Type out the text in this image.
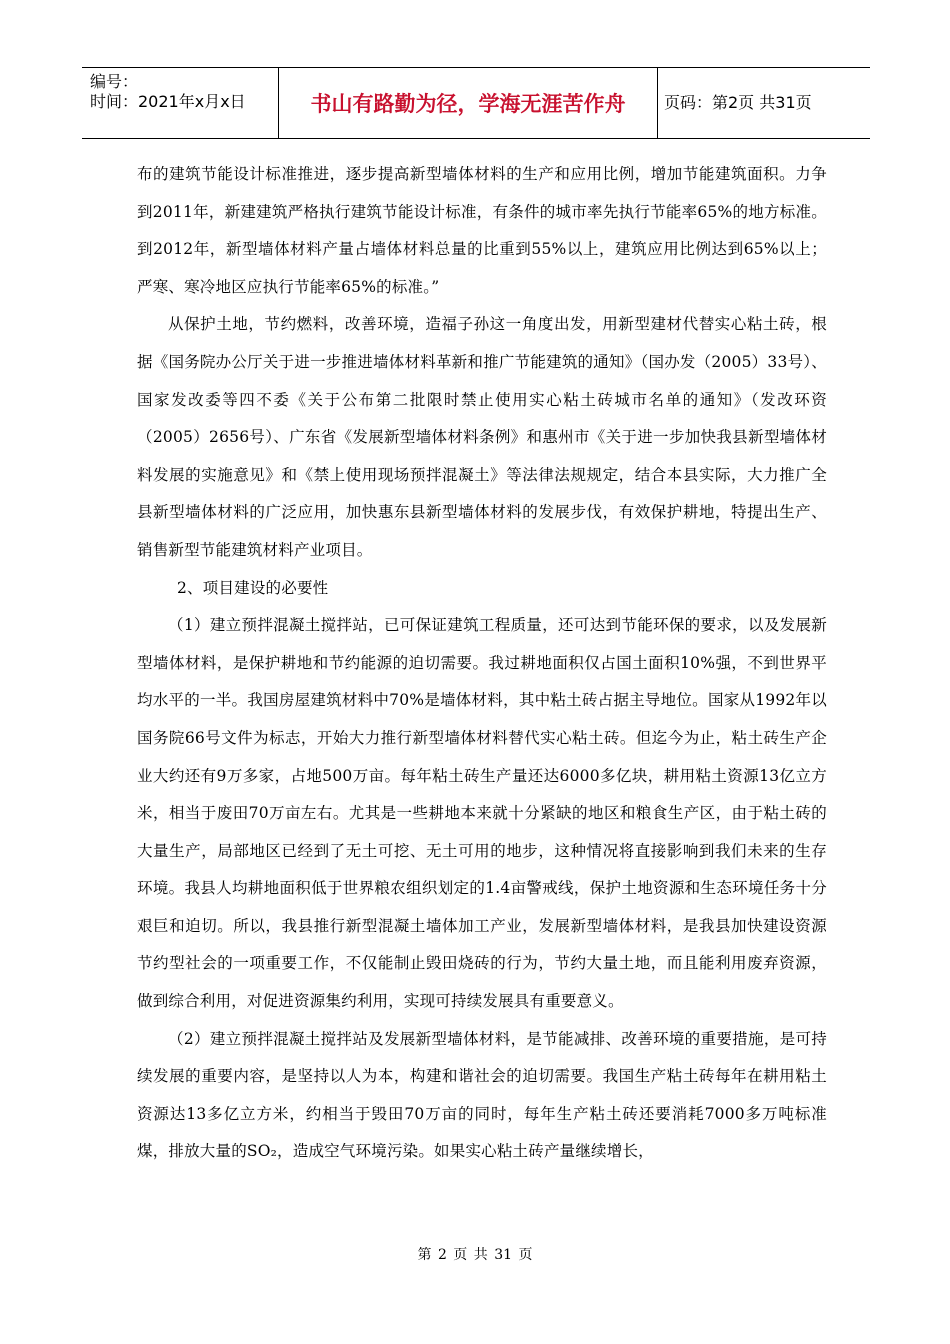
编号：
时间：2021年x月x日	书山有路勤为径，学海无涯苦作舟	页码：第2页 共31页

布的建筑节能设计标准推进，逐步提高新型墙体材料的生产和应用比例，增加节能建筑面积。力争到2011年，新建建筑严格执行建筑节能设计标准，有条件的城市率先执行节能率65%的地方标准。到2012年，新型墙体材料产量占墙体材料总量的比重到55%以上，建筑应用比例达到65%以上；严寒、寒冷地区应执行节能率65%的标准。”

从保护土地，节约燃料，改善环境，造福子孙这一角度出发，用新型建材代替实心粘土砖，根据《国务院办公厅关于进一步推进墙体材料革新和推广节能建筑的通知》（国办发（2005）33号）、国家发改委等四不委《关于公布第二批限时禁止使用实心粘土砖城市名单的通知》（发改环资（2005）2656号）、广东省《发展新型墙体材料条例》和惠州市《关于进一步加快我县新型墙体材料发展的实施意见》和《禁上使用现场预拌混凝土》等法律法规规定，结合本县实际，大力推广全县新型墙体材料的广泛应用，加快惠东县新型墙体材料的发展步伐，有效保护耕地，特提出生产、销售新型节能建筑材料产业项目。

2、项目建设的必要性

（1）建立预拌混凝土搅拌站，已可保证建筑工程质量，还可达到节能环保的要求，以及发展新型墙体材料，是保护耕地和节约能源的迫切需要。我过耕地面积仅占国土面积10%强，不到世界平均水平的一半。我国房屋建筑材料中70%是墙体材料，其中粘土砖占据主导地位。国家从1992年以国务院66号文件为标志，开始大力推行新型墙体材料替代实心粘土砖。但迄今为止，粘土砖生产企业大约还有9万多家，占地500万亩。每年粘土砖生产量还达6000多亿块，耕用粘土资源13亿立方米，相当于废田70万亩左右。尤其是一些耕地本来就十分紧缺的地区和粮食生产区，由于粘土砖的大量生产，局部地区已经到了无土可挖、无土可用的地步，这种情况将直接影响到我们未来的生存环境。我县人均耕地面积低于世界粮农组织划定的1.4亩警戒线，保护土地资源和生态环境任务十分艰巨和迫切。所以，我县推行新型混凝土墙体加工产业，发展新型墙体材料，是我县加快建设资源节约型社会的一项重要工作，不仅能制止毁田烧砖的行为，节约大量土地，而且能利用废弃资源，做到综合利用，对促进资源集约利用，实现可持续发展具有重要意义。

（2）建立预拌混凝土搅拌站及发展新型墙体材料，是节能减排、改善环境的重要措施，是可持续发展的重要内容，是坚持以人为本，构建和谐社会的迫切需要。我国生产粘土砖每年在耕用粘土资源达13多亿立方米，约相当于毁田70万亩的同时，每年生产粘土砖还要消耗7000多万吨标准煤，排放大量的SO₂，造成空气环境污染。如果实心粘土砖产量继续增长，

第 2 页 共 31 页
